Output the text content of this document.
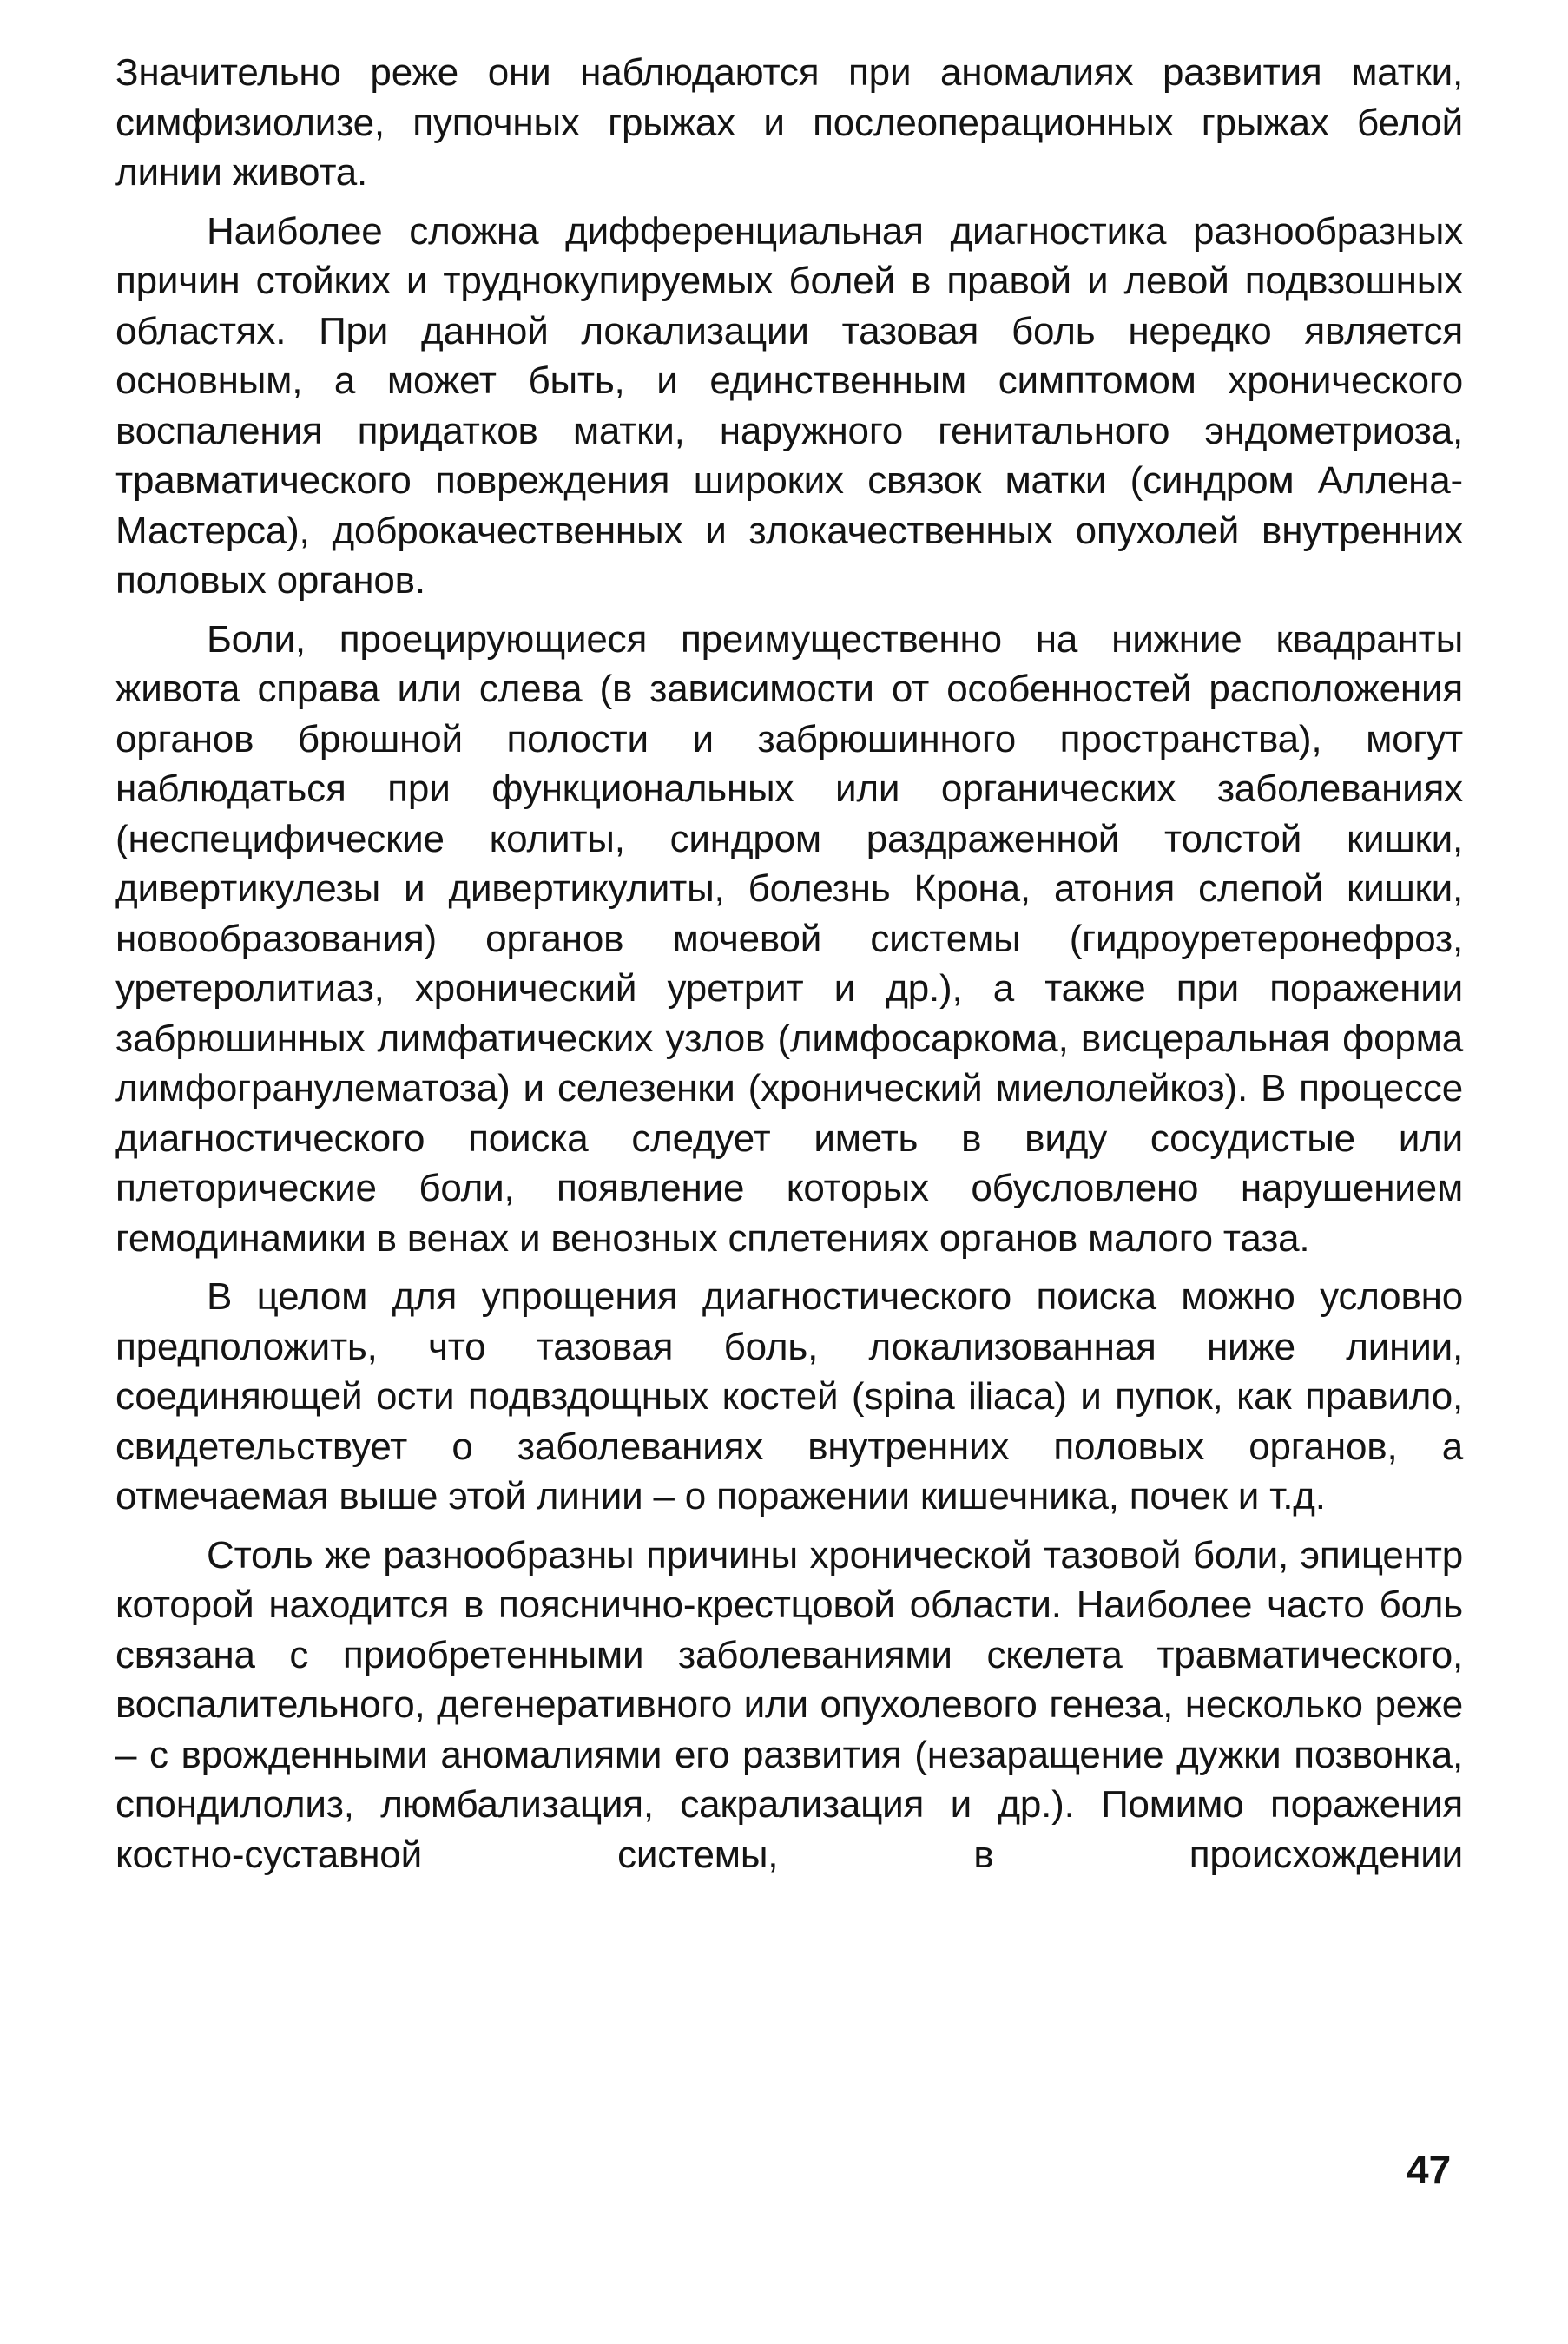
Значительно реже они наблюдаются при аномалиях развития матки, симфизиолизе, пупочных грыжах и послеоперационных грыжах белой линии живота.

Наиболее сложна дифференциальная диагностика разнообразных причин стойких и труднокупируемых болей в правой и левой подвзошных областях. При данной локализации тазовая боль нередко является основным, а может быть, и единственным симптомом хронического воспаления придатков матки, наружного генитального эндометриоза, травматического повреждения широких связок матки (синдром Аллена-Мастерса), доброкачественных и злокачественных опухолей внутренних половых органов.

Боли, проецирующиеся преимущественно на нижние квадранты живота справа или слева (в зависимости от особенностей расположения органов брюшной полости и забрюшинного пространства), могут наблюдаться при функциональных или органических заболеваниях (неспецифические колиты, синдром раздраженной толстой кишки, дивертикулезы и дивертикулиты, болезнь Крона, атония слепой кишки, новообразования) органов мочевой системы (гидроуретеронефроз, уретеролитиаз, хронический уретрит и др.), а также при поражении забрюшинных лимфатических узлов (лимфосаркома, висцеральная форма лимфогранулематоза) и селезенки (хронический миелолейкоз). В процессе диагностического поиска следует иметь в виду сосудистые или плеторические боли, появление которых обусловлено нарушением гемодинамики в венах и венозных сплетениях органов малого таза.

В целом для упрощения диагностического поиска можно условно предположить, что тазовая боль, локализованная ниже линии, соединяющей ости подвздощных костей (spina iliaca) и пупок, как правило, свидетельствует о заболеваниях внутренних половых органов, а отмечаемая выше этой линии – о поражении кишечника, почек и т.д.

Столь же разнообразны причины хронической тазовой боли, эпицентр которой находится в пояснично-крестцовой области. Наиболее часто боль связана с приобретенными заболеваниями скелета травматического, воспалительного, дегенеративного или опухолевого генеза, несколько реже – с врожденными аномалиями его развития (незаращение дужки позвонка, спондилолиз, люмбализация, сакрализация и др.). Помимо поражения костно-суставной системы, в происхождении

47
